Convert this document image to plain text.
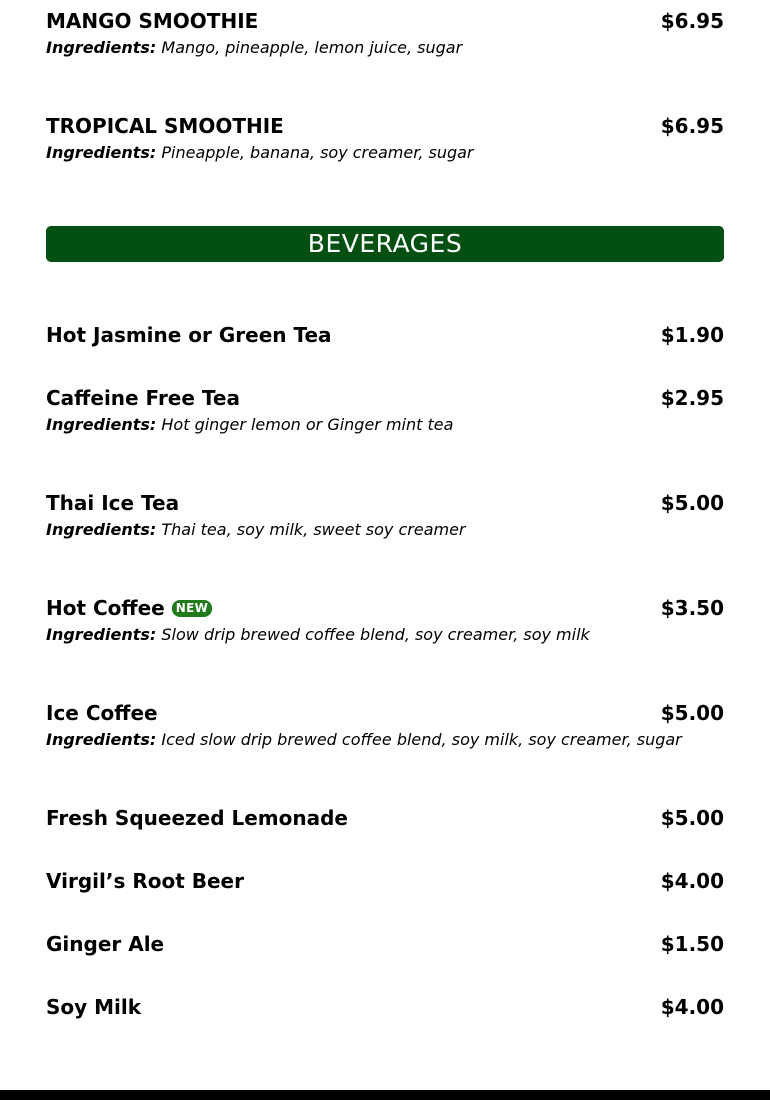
MANGO SMOOTHIE	$6.95
Ingredients: Mango, pineapple, lemon juice, sugar
TROPICAL SMOOTHIE	$6.95
Ingredients: Pineapple, banana, soy creamer, sugar
Hot Jasmine or Green Tea	$1.90
Caffeine Free Tea	$2.95
Ingredients: Hot ginger lemon or Ginger mint tea
Thai Ice Tea	$5.00
Ingredients: Thai tea, soy milk, sweet soy creamer
Hot Coffee NEW	$3.50
Ingredients: Slow drip brewed coffee blend, soy creamer, soy milk
Ice Coffee	$5.00
Ingredients: Iced slow drip brewed coffee blend, soy milk, soy creamer, sugar
Fresh Squeezed Lemonade	$5.00
Virgil’s Root Beer	$4.00
Ginger Ale	$1.50
Soy Milk	$4.00
BEVERAGES
